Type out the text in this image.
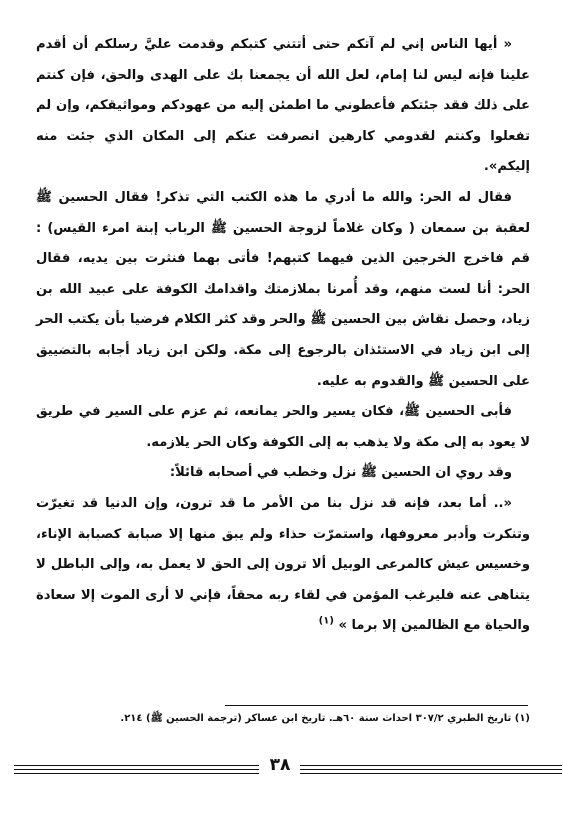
« أيها الناس إني لم آتكم حتى أتتني كتبكم وقدمت عليَّ رسلكم أن أقدم علينا فإنه ليس لنا إمام، لعل الله أن يجمعنا بك على الهدى والحق، فإن كنتم على ذلك فقد جئتكم فأعطوني ما اطمئن إليه من عهودكم ومواثيقكم، وإن لم تفعلوا وكنتم لقدومي كارهين انصرفت عنكم إلى المكان الذي جئت منه إليكم».

فقال له الحر: والله ما أدري ما هذه الكتب التي تذكر! فقال الحسين ﷺ لعقبة بن سمعان ( وكان غلاماً لزوجة الحسين ﷺ الرباب إبنة امرء القيس) : قم فاخرج الخرجين الذين فيهما كتبهم! فأتى بهما فنثرت بين يديه، فقال الحر: أنا لست منهم، وقد أُمرنا بملازمتك واقدامك الكوفة على عبيد الله بن زياد، وحصل نقاش بين الحسين ﷺ والحر وقد كثر الكلام فرضيا بأن يكتب الحر إلى ابن زياد في الاستئذان بالرجوع إلى مكة. ولكن ابن زياد أجابه بالتضييق على الحسين ﷺ والقدوم به عليه.

فأبى الحسين ﷺ، فكان يسير والحر يمانعه، ثم عزم على السير في طريق لا يعود به إلى مكة ولا يذهب به إلى الكوفة وكان الحر يلازمه.

وقد روي ان الحسين ﷺ نزل وخطب في أصحابه قائلاً:

«.. أما بعد، فإنه قد نزل بنا من الأمر ما قد ترون، وإن الدنيا قد تغيرّت وتنكرت وأدبر معروفها، واستمرّت حذاء ولم يبق منها إلا صبابة كصبابة الإناء، وخسيس عيش كالمرعى الوبيل ألا ترون إلى الحق لا يعمل به، وإلى الباطل لا يتناهى عنه فليرغب المؤمن في لقاء ربه محقاً، فإني لا أرى الموت إلا سعادة والحياة مع الظالمين إلا برما » $^{(١)}$

(١) تاريخ الطبري ٣٠٧/٢ احداث سنة ٦٠هـ. تاريخ ابن عساكر (ترجمة الحسين ﷺ) ٢١٤.
٣٨
